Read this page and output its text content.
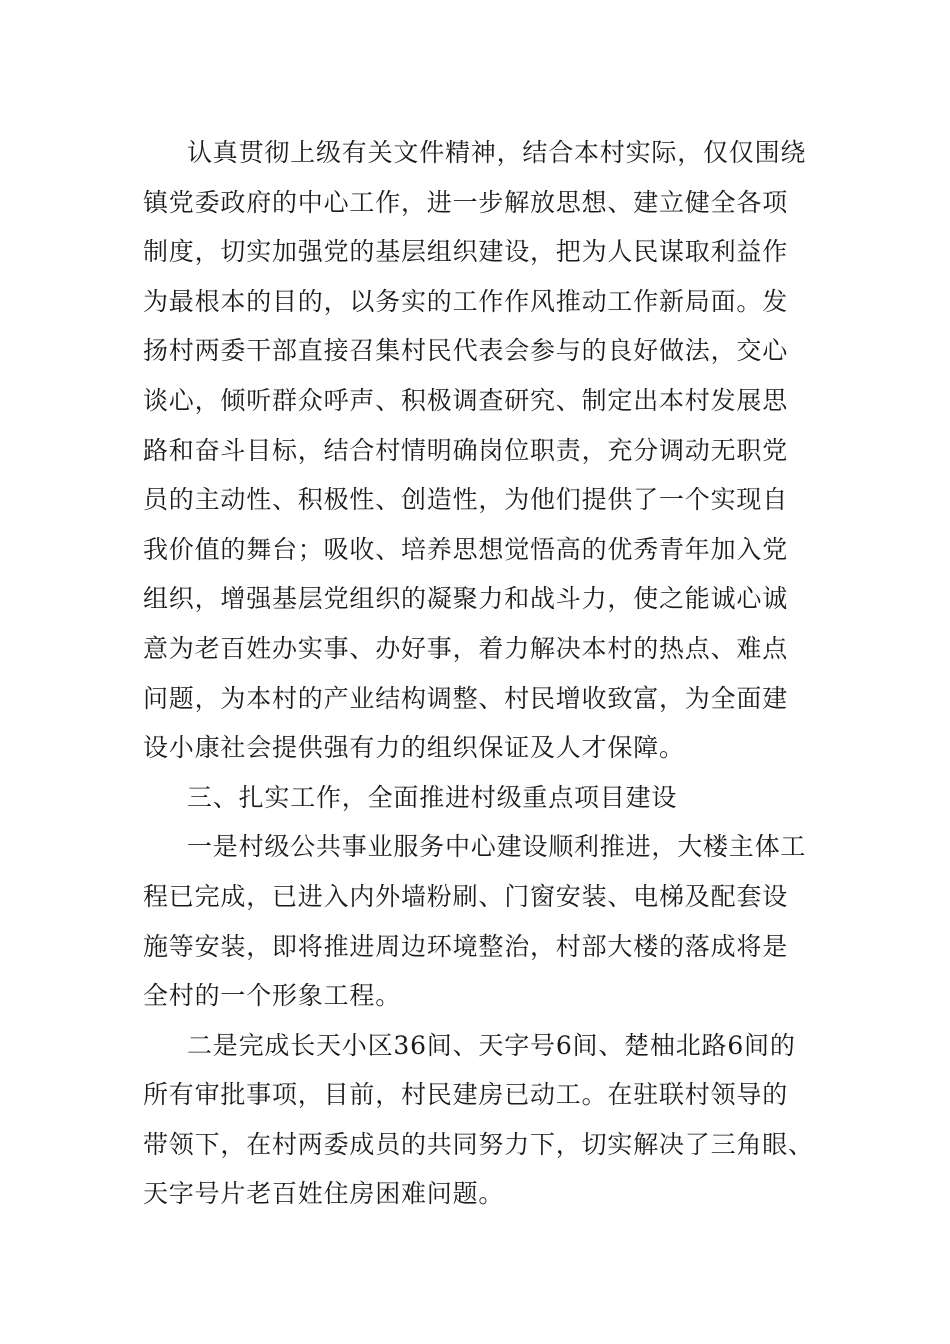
认真贯彻上级有关文件精神，结合本村实际，仅仅围绕
镇党委政府的中心工作，进一步解放思想、建立健全各项
制度，切实加强党的基层组织建设，把为人民谋取利益作
为最根本的目的，以务实的工作作风推动工作新局面。发
扬村两委干部直接召集村民代表会参与的良好做法，交心
谈心，倾听群众呼声、积极调查研究、制定出本村发展思
路和奋斗目标，结合村情明确岗位职责，充分调动无职党
员的主动性、积极性、创造性，为他们提供了一个实现自
我价值的舞台；吸收、培养思想觉悟高的优秀青年加入党
组织，增强基层党组织的凝聚力和战斗力，使之能诚心诚
意为老百姓办实事、办好事，着力解决本村的热点、难点
问题，为本村的产业结构调整、村民增收致富，为全面建
设小康社会提供强有力的组织保证及人才保障。
三、扎实工作，全面推进村级重点项目建设
一是村级公共事业服务中心建设顺利推进，大楼主体工
程已完成，已进入内外墙粉刷、门窗安装、电梯及配套设
施等安装，即将推进周边环境整治，村部大楼的落成将是
全村的一个形象工程。
二是完成长天小区36间、天字号6间、楚柚北路6间的
所有审批事项，目前，村民建房已动工。在驻联村领导的
带领下，在村两委成员的共同努力下，切实解决了三角眼、
天字号片老百姓住房困难问题。
